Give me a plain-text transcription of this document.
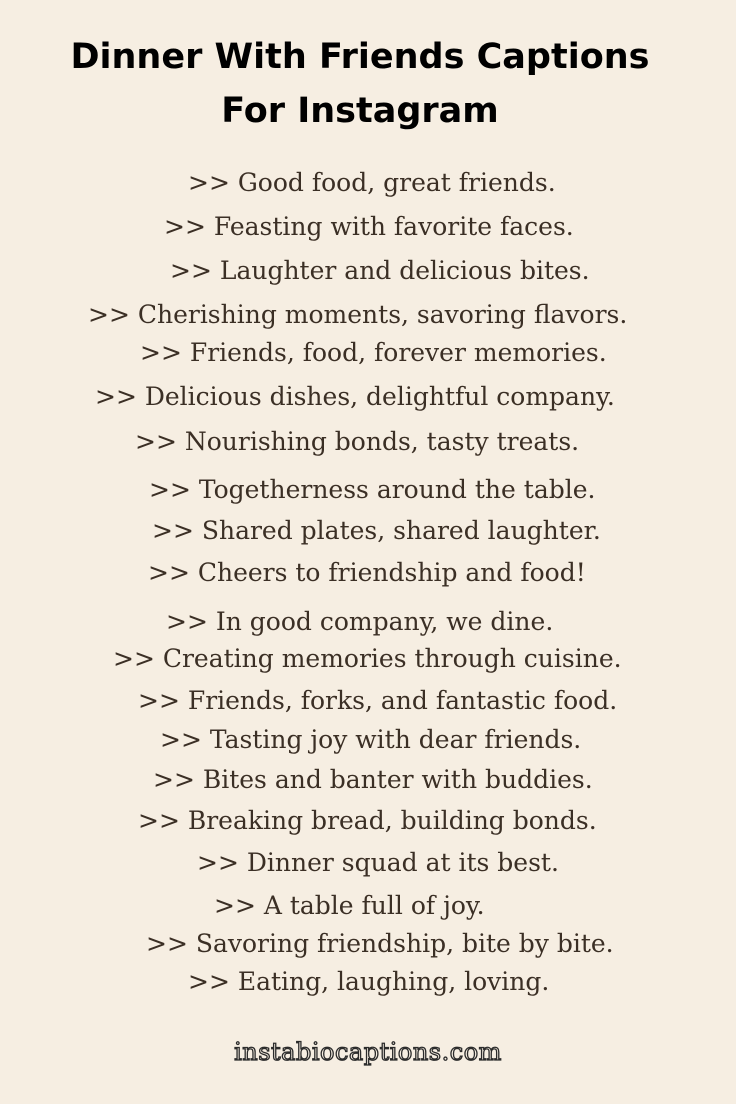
Dinner With Friends Captions
For Instagram

>> Good food, great friends.

>> Feasting with favorite faces.

>> Laughter and delicious bites.

>> Cherishing moments, savoring flavors.

>> Friends, food, forever memories.

>> Delicious dishes, delightful company.

>> Nourishing bonds, tasty treats.

>> Togetherness around the table.

>> Shared plates, shared laughter.

>> Cheers to friendship and food!

>> In good company, we dine.

>> Creating memories through cuisine.

>> Friends, forks, and fantastic food.

>> Tasting joy with dear friends.

>> Bites and banter with buddies.

>> Breaking bread, building bonds.

>> Dinner squad at its best.

>> A table full of joy.

>> Savoring friendship, bite by bite.

>> Eating, laughing, loving.

instabiocaptions.com
